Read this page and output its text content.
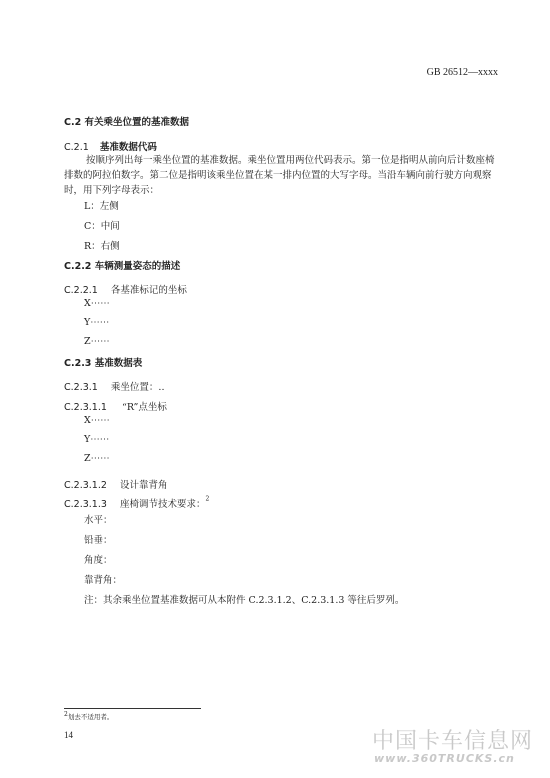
GB 26512—xxxx
C.2 有关乘坐位置的基准数据
C.2.1 基准数据代码
按顺序列出每一乘坐位置的基准数据。乘坐位置用两位代码表示。第一位是指明从前向后计数座椅排数的阿拉伯数字。第二位是指明该乘坐位置在某一排内位置的大写字母。当沿车辆向前行驶方向观察时，用下列字母表示：
L：左侧
C：中间
R：右侧
C.2.2 车辆测量姿态的描述
C.2.2.1 各基准标记的坐标
X⋯⋯
Y⋯⋯
Z⋯⋯
C.2.3 基准数据表
C.2.3.1 乘坐位置：..
C.2.3.1.1 “R”点坐标
X⋯⋯
Y⋯⋯
Z⋯⋯
C.2.3.1.2 设计靠背角
C.2.3.1.3 座椅调节技术要求：$^2$
水平：
铅垂：
角度：
靠背角：
注：其余乘坐位置基准数据可从本附件 C.2.3.1.2、C.2.3.1.3 等往后罗列。
$^2$划去不适用者。
14	中国卡车信息网
www.360TRUCKS.cn
